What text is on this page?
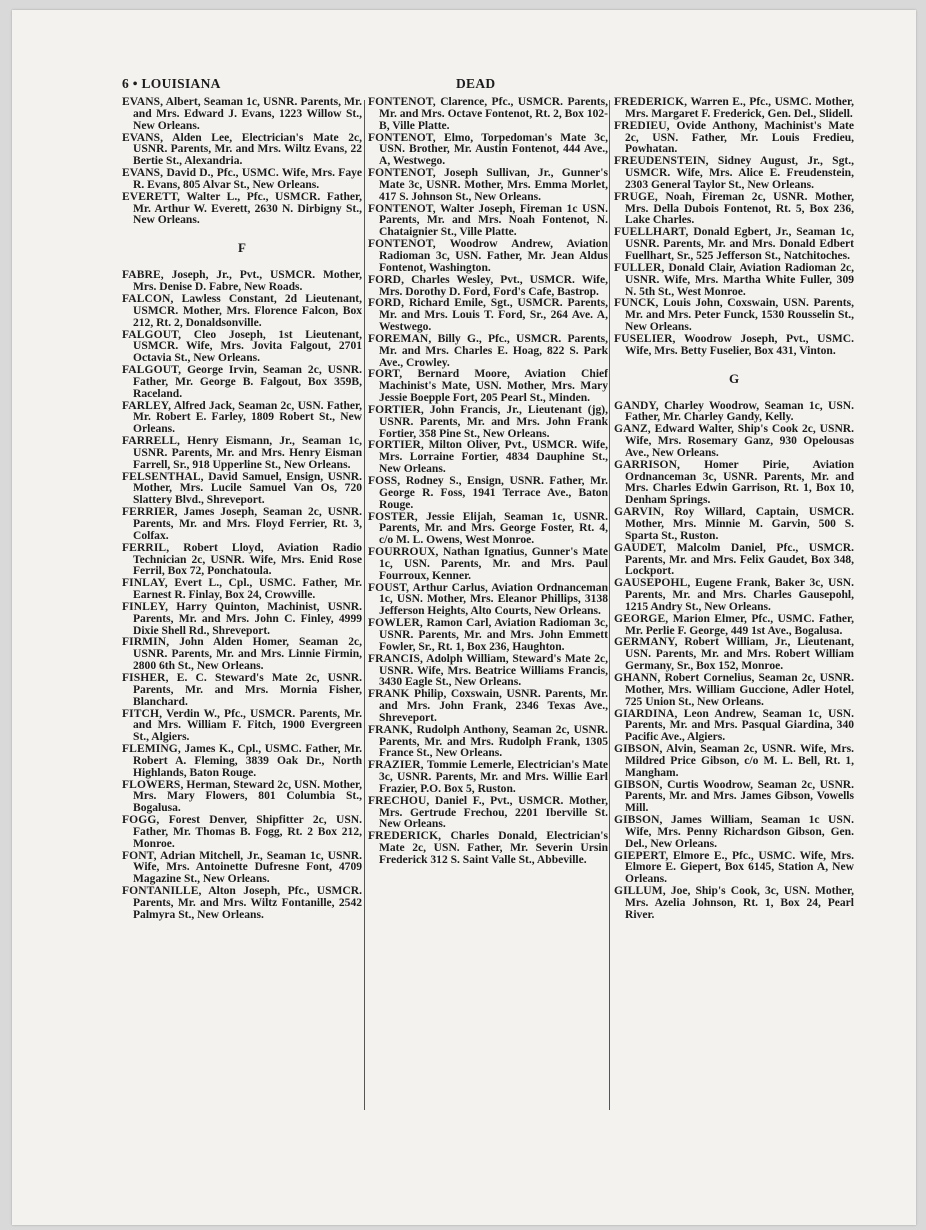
6 • LOUISIANA	DEAD

EVANS, Albert, Seaman 1c, USNR. Parents, Mr. and Mrs. Edward J. Evans, 1223 Willow St., New Orleans.

EVANS, Alden Lee, Electrician's Mate 2c, USNR. Parents, Mr. and Mrs. Wiltz Evans, 22 Bertie St., Alexandria.

EVANS, David D., Pfc., USMC. Wife, Mrs. Faye R. Evans, 805 Alvar St., New Orleans.

EVERETT, Walter L., Pfc., USMCR. Father, Mr. Arthur W. Everett, 2630 N. Dirbigny St., New Orleans.

F

FABRE, Joseph, Jr., Pvt., USMCR. Mother, Mrs. Denise D. Fabre, New Roads.

FALCON, Lawless Constant, 2d Lieutenant, USMCR. Mother, Mrs. Florence Falcon, Box 212, Rt. 2, Donaldsonville.

FALGOUT, Cleo Joseph, 1st Lieutenant, USMCR. Wife, Mrs. Jovita Falgout, 2701 Octavia St., New Orleans.

FALGOUT, George Irvin, Seaman 2c, USNR. Father, Mr. George B. Falgout, Box 359B, Raceland.

FARLEY, Alfred Jack, Seaman 2c, USN. Father, Mr. Robert E. Farley, 1809 Robert St., New Orleans.

FARRELL, Henry Eismann, Jr., Seaman 1c, USNR. Parents, Mr. and Mrs. Henry Eisman Farrell, Sr., 918 Upperline St., New Orleans.

FELSENTHAL, David Samuel, Ensign, USNR. Mother, Mrs. Lucile Samuel Van Os, 720 Slattery Blvd., Shreveport.

FERRIER, James Joseph, Seaman 2c, USNR. Parents, Mr. and Mrs. Floyd Ferrier, Rt. 3, Colfax.

FERRIL, Robert Lloyd, Aviation Radio Technician 2c, USNR. Wife, Mrs. Enid Rose Ferril, Box 72, Ponchatoula.

FINLAY, Evert L., Cpl., USMC. Father, Mr. Earnest R. Finlay, Box 24, Crowville.

FINLEY, Harry Quinton, Machinist, USNR. Parents, Mr. and Mrs. John C. Finley, 4999 Dixie Shell Rd., Shreveport.

FIRMIN, John Alden Homer, Seaman 2c, USNR. Parents, Mr. and Mrs. Linnie Firmin, 2800 6th St., New Orleans.

FISHER, E. C. Steward's Mate 2c, USNR. Parents, Mr. and Mrs. Mornia Fisher, Blanchard.

FITCH, Verdin W., Pfc., USMCR. Parents, Mr. and Mrs. William F. Fitch, 1900 Evergreen St., Algiers.

FLEMING, James K., Cpl., USMC. Father, Mr. Robert A. Fleming, 3839 Oak Dr., North Highlands, Baton Rouge.

FLOWERS, Herman, Steward 2c, USN. Mother, Mrs. Mary Flowers, 801 Columbia St., Bogalusa.

FOGG, Forest Denver, Shipfitter 2c, USN. Father, Mr. Thomas B. Fogg, Rt. 2 Box 212, Monroe.

FONT, Adrian Mitchell, Jr., Seaman 1c, USNR. Wife, Mrs. Antoinette Dufresne Font, 4709 Magazine St., New Orleans.

FONTANILLE, Alton Joseph, Pfc., USMCR. Parents, Mr. and Mrs. Wiltz Fontanille, 2542 Palmyra St., New Orleans.

FONTENOT, Clarence, Pfc., USMCR. Parents, Mr. and Mrs. Octave Fontenot, Rt. 2, Box 102-B, Ville Platte.

FONTENOT, Elmo, Torpedoman's Mate 3c, USN. Brother, Mr. Austin Fontenot, 444 Ave., A, Westwego.

FONTENOT, Joseph Sullivan, Jr., Gunner's Mate 3c, USNR. Mother, Mrs. Emma Morlet, 417 S. Johnson St., New Orleans.

FONTENOT, Walter Joseph, Fireman 1c USN. Parents, Mr. and Mrs. Noah Fontenot, N. Chataignier St., Ville Platte.

FONTENOT, Woodrow Andrew, Aviation Radioman 3c, USN. Father, Mr. Jean Aldus Fontenot, Washington.

FORD, Charles Wesley, Pvt., USMCR. Wife, Mrs. Dorothy D. Ford, Ford's Cafe, Bastrop.

FORD, Richard Emile, Sgt., USMCR. Parents, Mr. and Mrs. Louis T. Ford, Sr., 264 Ave. A, Westwego.

FOREMAN, Billy G., Pfc., USMCR. Parents, Mr. and Mrs. Charles E. Hoag, 822 S. Park Ave., Crowley.

FORT, Bernard Moore, Aviation Chief Machinist's Mate, USN. Mother, Mrs. Mary Jessie Boepple Fort, 205 Pearl St., Minden.

FORTIER, John Francis, Jr., Lieutenant (jg), USNR. Parents, Mr. and Mrs. John Frank Fortier, 358 Pine St., New Orleans.

FORTIER, Milton Oliver, Pvt., USMCR. Wife, Mrs. Lorraine Fortier, 4834 Dauphine St., New Orleans.

FOSS, Rodney S., Ensign, USNR. Father, Mr. George R. Foss, 1941 Terrace Ave., Baton Rouge.

FOSTER, Jessie Elijah, Seaman 1c, USNR. Parents, Mr. and Mrs. George Foster, Rt. 4, c/o M. L. Owens, West Monroe.

FOURROUX, Nathan Ignatius, Gunner's Mate 1c, USN. Parents, Mr. and Mrs. Paul Fourroux, Kenner.

FOUST, Arthur Carlus, Aviation Ordnanceman 1c, USN. Mother, Mrs. Eleanor Phillips, 3138 Jefferson Heights, Alto Courts, New Orleans.

FOWLER, Ramon Carl, Aviation Radioman 3c, USNR. Parents, Mr. and Mrs. John Emmett Fowler, Sr., Rt. 1, Box 236, Haughton.

FRANCIS, Adolph William, Steward's Mate 2c, USNR. Wife, Mrs. Beatrice Williams Francis, 3430 Eagle St., New Orleans.

FRANK Philip, Coxswain, USNR. Parents, Mr. and Mrs. John Frank, 2346 Texas Ave., Shreveport.

FRANK, Rudolph Anthony, Seaman 2c, USNR. Parents, Mr. and Mrs. Rudolph Frank, 1305 France St., New Orleans.

FRAZIER, Tommie Lemerle, Electrician's Mate 3c, USNR. Parents, Mr. and Mrs. Willie Earl Frazier, P.O. Box 5, Ruston.

FRECHOU, Daniel F., Pvt., USMCR. Mother, Mrs. Gertrude Frechou, 2201 Iberville St. New Orleans.

FREDERICK, Charles Donald, Electrician's Mate 2c, USN. Father, Mr. Severin Ursin Frederick 312 S. Saint Valle St., Abbeville.

FREDERICK, Warren E., Pfc., USMC. Mother, Mrs. Margaret F. Frederick, Gen. Del., Slidell.

FREDIEU, Ovide Anthony, Machinist's Mate 2c, USN. Father, Mr. Louis Fredieu, Powhatan.

FREUDENSTEIN, Sidney August, Jr., Sgt., USMCR. Wife, Mrs. Alice E. Freudenstein, 2303 General Taylor St., New Orleans.

FRUGE, Noah, Fireman 2c, USNR. Mother, Mrs. Della Dubois Fontenot, Rt. 5, Box 236, Lake Charles.

FUELLHART, Donald Egbert, Jr., Seaman 1c, USNR. Parents, Mr. and Mrs. Donald Edbert Fuellhart, Sr., 525 Jefferson St., Natchitoches.

FULLER, Donald Clair, Aviation Radioman 2c, USNR. Wife, Mrs. Martha White Fuller, 309 N. 5th St., West Monroe.

FUNCK, Louis John, Coxswain, USN. Parents, Mr. and Mrs. Peter Funck, 1530 Rousselin St., New Orleans.

FUSELIER, Woodrow Joseph, Pvt., USMC. Wife, Mrs. Betty Fuselier, Box 431, Vinton.

G

GANDY, Charley Woodrow, Seaman 1c, USN. Father, Mr. Charley Gandy, Kelly.

GANZ, Edward Walter, Ship's Cook 2c, USNR. Wife, Mrs. Rosemary Ganz, 930 Opelousas Ave., New Orleans.

GARRISON, Homer Pirie, Aviation Ordnanceman 3c, USNR. Parents, Mr. and Mrs. Charles Edwin Garrison, Rt. 1, Box 10, Denham Springs.

GARVIN, Roy Willard, Captain, USMCR. Mother, Mrs. Minnie M. Garvin, 500 S. Sparta St., Ruston.

GAUDET, Malcolm Daniel, Pfc., USMCR. Parents, Mr. and Mrs. Felix Gaudet, Box 348, Lockport.

GAUSEPOHL, Eugene Frank, Baker 3c, USN. Parents, Mr. and Mrs. Charles Gausepohl, 1215 Andry St., New Orleans.

GEORGE, Marion Elmer, Pfc., USMC. Father, Mr. Perlie F. George, 449 1st Ave., Bogalusa.

GERMANY, Robert William, Jr., Lieutenant, USN. Parents, Mr. and Mrs. Robert William Germany, Sr., Box 152, Monroe.

GHANN, Robert Cornelius, Seaman 2c, USNR. Mother, Mrs. William Guccione, Adler Hotel, 725 Union St., New Orleans.

GIARDINA, Leon Andrew, Seaman 1c, USN. Parents, Mr. and Mrs. Pasqual Giardina, 340 Pacific Ave., Algiers.

GIBSON, Alvin, Seaman 2c, USNR. Wife, Mrs. Mildred Price Gibson, c/o M. L. Bell, Rt. 1, Mangham.

GIBSON, Curtis Woodrow, Seaman 2c, USNR. Parents, Mr. and Mrs. James Gibson, Vowells Mill.

GIBSON, James William, Seaman 1c USN. Wife, Mrs. Penny Richardson Gibson, Gen. Del., New Orleans.

GIEPERT, Elmore E., Pfc., USMC. Wife, Mrs. Elmore E. Giepert, Box 6145, Station A, New Orleans.

GILLUM, Joe, Ship's Cook, 3c, USN. Mother, Mrs. Azelia Johnson, Rt. 1, Box 24, Pearl River.
